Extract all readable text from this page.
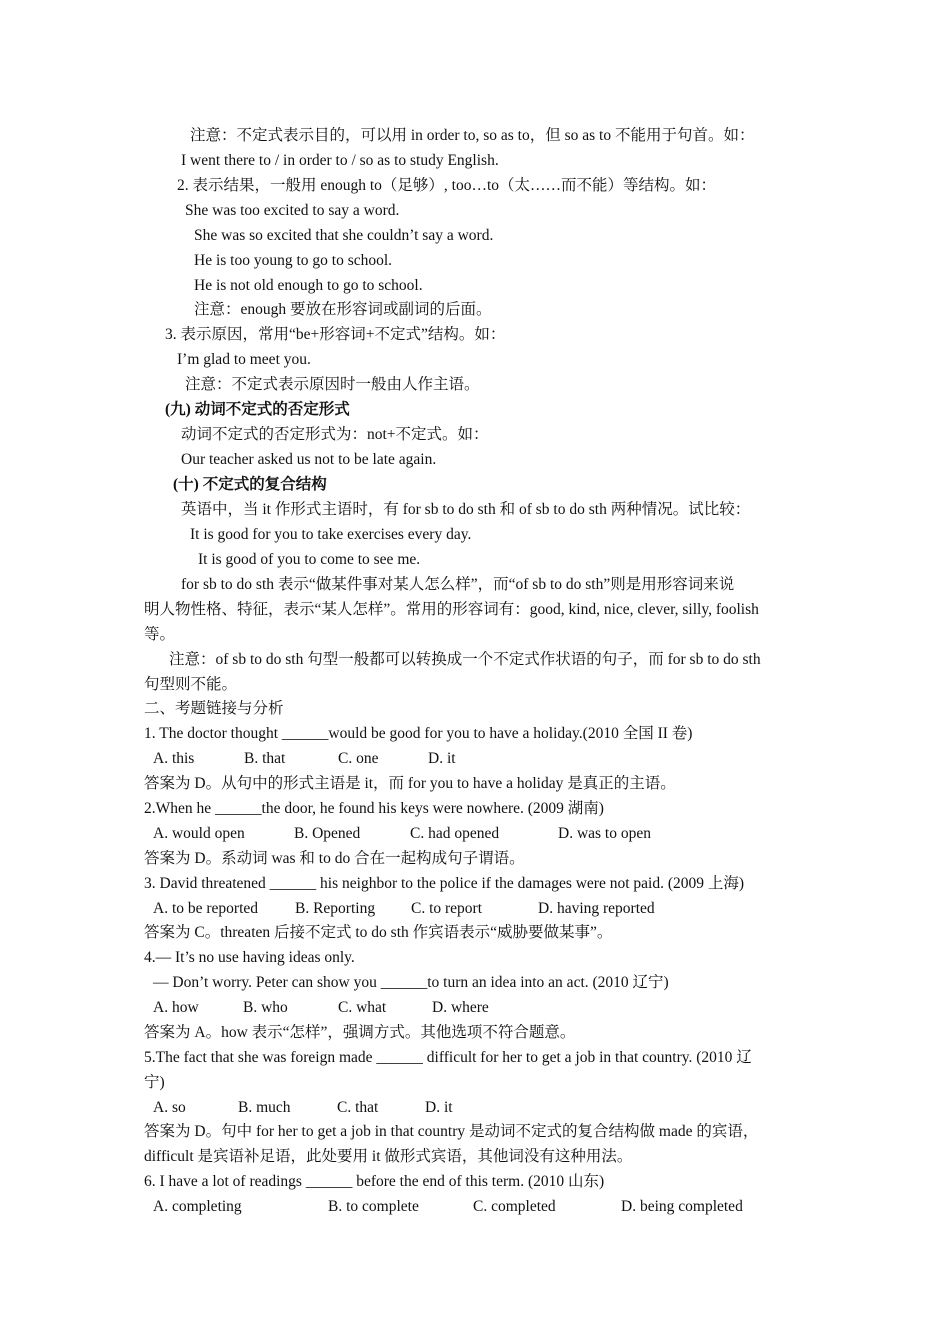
注意：不定式表示目的，可以用 in order to, so as to，但 so as to 不能用于句首。如：
I went there to / in order to / so as to study English.
2. 表示结果，一般用 enough to（足够）, too…to（太……而不能）等结构。如：
She was too excited to say a word.
She was so excited that she couldn’t say a word.
He is too young to go to school.
He is not old enough to go to school.
注意：enough 要放在形容词或副词的后面。
3. 表示原因，常用“be+形容词+不定式”结构。如：
I’m glad to meet you.
注意：不定式表示原因时一般由人作主语。
(九) 动词不定式的否定形式
动词不定式的否定形式为：not+不定式。如：
Our teacher asked us not to be late again.
(十) 不定式的复合结构
英语中，当 it 作形式主语时，有 for sb to do sth 和 of sb to do sth 两种情况。试比较：
It is good for you to take exercises every day.
It is good of you to come to see me.
for sb to do sth 表示“做某件事对某人怎么样”，而“of sb to do sth”则是用形容词来说
明人物性格、特征，表示“某人怎样”。常用的形容词有：good, kind, nice, clever, silly, foolish
等。
注意：of sb to do sth 句型一般都可以转换成一个不定式作状语的句子，而 for sb to do sth
句型则不能。
二、考题链接与分析
1. The doctor thought ______would be good for you to have a holiday.(2010 全国 II 卷)
A. this	B. that	C. one	D. it
答案为 D。从句中的形式主语是 it，而 for you to have a holiday 是真正的主语。
2.When he ______the door, he found his keys were nowhere. (2009 湖南)
A. would open	B. Opened	C. had opened	D. was to open
答案为 D。系动词 was 和 to do 合在一起构成句子谓语。
3. David threatened ______ his neighbor to the police if the damages were not paid. (2009 上海)
A. to be reported B. Reporting C. to report	D. having reported
答案为 C。threaten 后接不定式 to do sth 作宾语表示“威胁要做某事”。
4.— It’s no use having ideas only.
— Don’t worry. Peter can show you ______to turn an idea into an act. (2010 辽宁)
A. how	B. who	C. what	D. where
答案为 A。how 表示“怎样”，强调方式。其他选项不符合题意。
5.The fact that she was foreign made ______ difficult for her to get a job in that country. (2010 辽
宁)
A. so	B. much	C. that	D. it
答案为 D。句中 for her to get a job in that country 是动词不定式的复合结构做 made 的宾语，
difficult 是宾语补足语，此处要用 it 做形式宾语，其他词没有这种用法。
6. I have a lot of readings ______ before the end of this term. (2010 山东)
A. completing	B. to complete	C. completed	D. being completed
